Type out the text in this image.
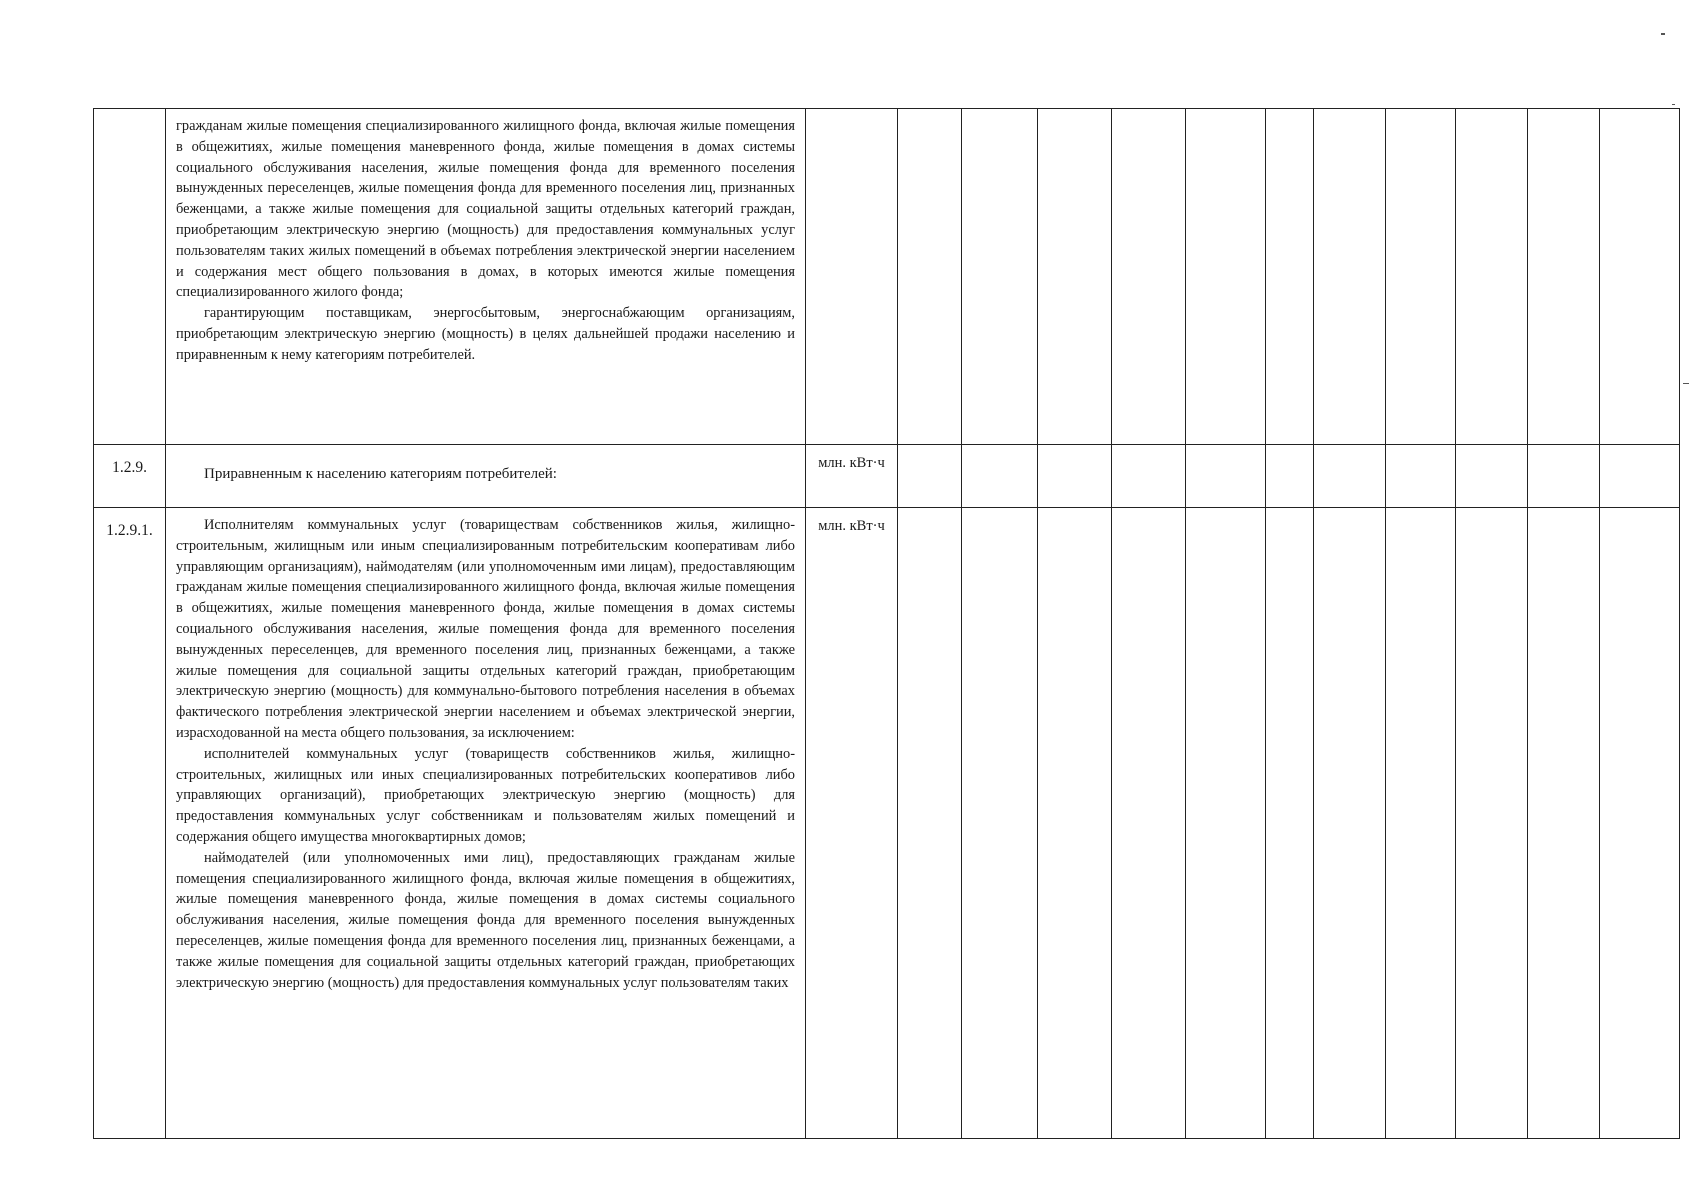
	гражданам жилые помещения специализированного жилищного фонда, включая жилые помещения в общежитиях, жилые помещения маневренного фонда, жилые помещения в домах системы социального обслуживания населения, жилые помещения фонда для временного поселения вынужденных переселенцев, жилые помещения фонда для временного поселения лиц, признанных беженцами, а также жилые помещения для социальной защиты отдельных категорий граждан, приобретающим электрическую энергию (мощность) для предоставления коммунальных услуг пользователям таких жилых помещений в объемах потребления электрической энергии населением и содержания мест общего пользования в домах, в которых имеются жилые помещения специализированного жилого фонда;

гарантирующим поставщикам, энергосбытовым, энергоснабжающим организациям, приобретающим электрическую энергию (мощность) в целях дальнейшей продажи населению и приравненным к нему категориям потребителей.												

1.2.9.	Приравненным к населению категориям потребителей:	млн. кВт·ч											
1.2.9.1.	Исполнителям коммунальных услуг (товариществам собственников жилья, жилищно-строительным, жилищным или иным специализированным потребительским кооперативам либо управляющим организациям), наймодателям (или уполномоченным ими лицам), предоставляющим гражданам жилые помещения специализированного жилищного фонда, включая жилые помещения в общежитиях, жилые помещения маневренного фонда, жилые помещения в домах системы социального обслуживания населения, жилые помещения фонда для временного поселения вынужденных переселенцев, для временного поселения лиц, признанных беженцами, а также жилые помещения для социальной защиты отдельных категорий граждан, приобретающим электрическую энергию (мощность) для коммунально-бытового потребления населения в объемах фактического потребления электрической энергии населением и объемах электрической энергии, израсходованной на места общего пользования, за исключением:

исполнителей коммунальных услуг (товариществ собственников жилья, жилищно-строительных, жилищных или иных специализированных потребительских кооперативов либо управляющих организаций), приобретающих электрическую энергию (мощность) для предоставления коммунальных услуг собственникам и пользователям жилых помещений и содержания общего имущества многоквартирных домов;

наймодателей (или уполномоченных ими лиц), предоставляющих гражданам жилые помещения специализированного жилищного фонда, включая жилые помещения в общежитиях, жилые помещения маневренного фонда, жилые помещения в домах системы социального обслуживания населения, жилые помещения фонда для временного поселения вынужденных переселенцев, жилые помещения фонда для временного поселения лиц, признанных беженцами, а также жилые помещения для социальной защиты отдельных категорий граждан, приобретающих электрическую энергию (мощность) для предоставления коммунальных услуг пользователям таких	млн. кВт·ч											
